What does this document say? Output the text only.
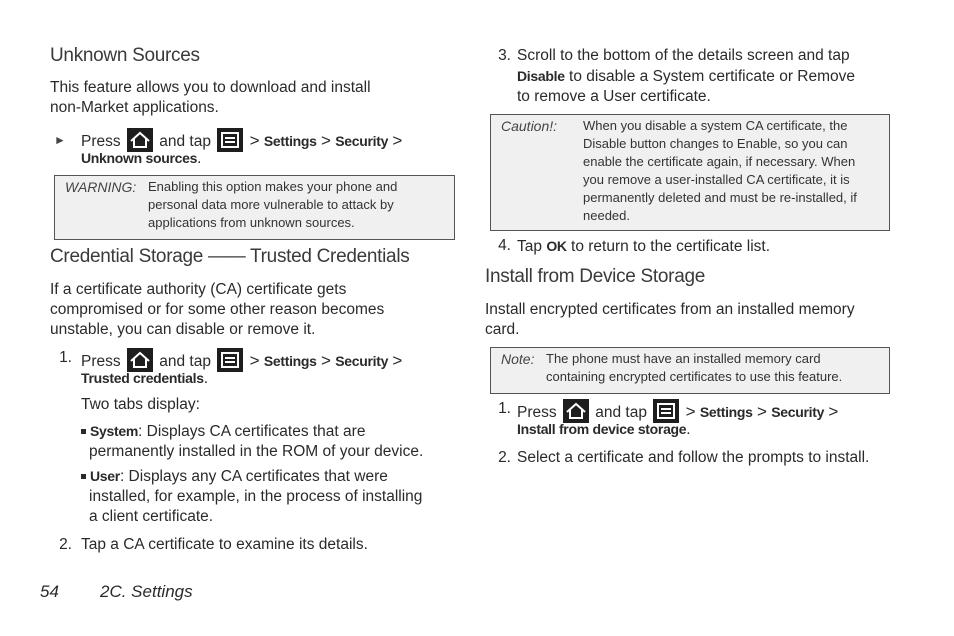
Unknown Sources
This feature allows you to download and install
non-Market applications.
► Press and tap > Settings > Security >
Unknown sources.
WARNING: Enabling this option makes your phone and
personal data more vulnerable to attack by
applications from unknown sources.
Credential Storage —— Trusted Credentials
If a certificate authority (CA) certificate gets
compromised or for some other reason becomes
unstable, you can disable or remove it.
1. Press and tap > Settings > Security >
Trusted credentials.
Two tabs display:
System: Displays CA certificates that are
permanently installed in the ROM of your device.
User: Displays any CA certificates that were
installed, for example, in the process of installing
a client certificate.
2. Tap a CA certificate to examine its details.
3. Scroll to the bottom of the details screen and tap
Disable to disable a System certificate or Remove
to remove a User certificate.
Caution!: When you disable a system CA certificate, the
Disable button changes to Enable, so you can
enable the certificate again, if necessary. When
you remove a user-installed CA certificate, it is
permanently deleted and must be re-installed, if
needed.
4. Tap OK to return to the certificate list.
Install from Device Storage
Install encrypted certificates from an installed memory
card.
Note: The phone must have an installed memory card
containing encrypted certificates to use this feature.
1. Press and tap > Settings > Security >
Install from device storage.
2. Select a certificate and follow the prompts to install.
54 2C. Settings
